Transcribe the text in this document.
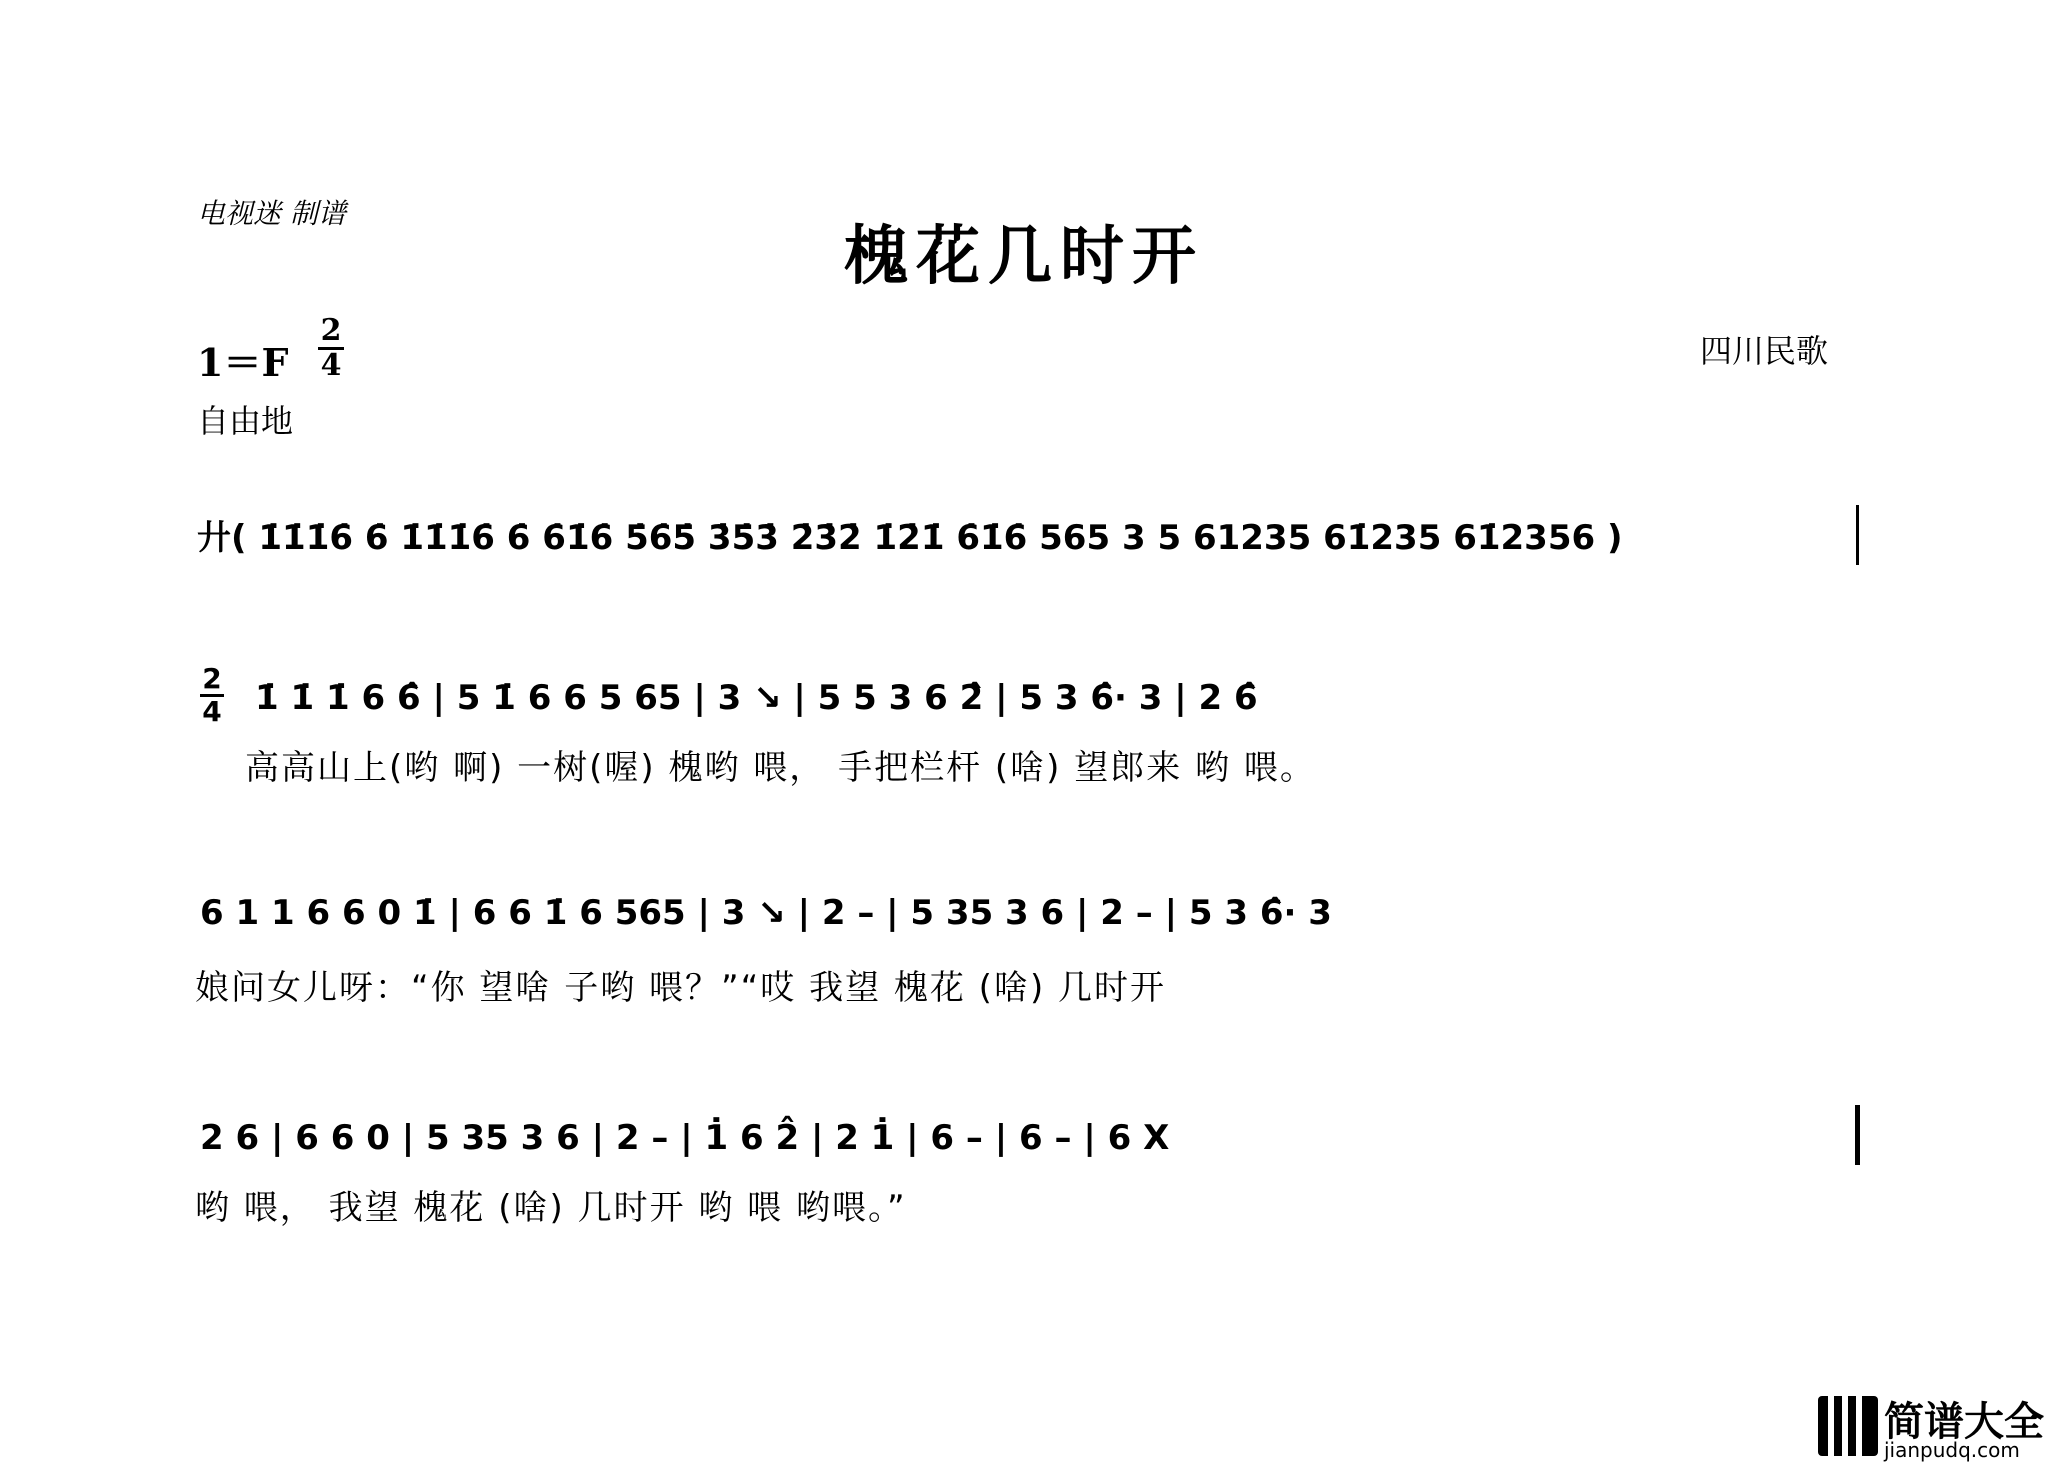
电视迷 制谱
槐花几时开
1＝F
2
4	四川民歌
自由地
廾( 1̇1̇1̇6̇ 6̇ 1̇1̇1̇6̇ 6̇ 6̇1̇6̇ 5̇6̇5̇ 3̇5̇3̇ 2̇3̇2̇ 1̇2̇1̇ 6̇1̇6̇ 565 3 5 61235 61̇235 61̇2356 )
2
4 1̇ 1̇ 1̇ 6 6̂ | 5 1̇ 6 6 5 65 | 3 ↘ | 5 5 3 6 2̂ | 5 3 6̂· 3 | 2 6̂
高高山上(哟 啊) 一树(喔) 槐哟 喂， 手把栏杆 (啥) 望郎来 哟 喂。
6 1 1 6 6 0 1̇ | 6 6 1̇ 6 565 | 3 ↘ | 2 – | 5 35 3 6 | 2 – | 5 3 6̂· 3
娘问女儿呀：“你 望啥 子哟 喂？”“哎 我望 槐花 (啥) 几时开
2 6 | 6 6 0 | 5 35 3 6 | 2 – | 1̇ 6 2̂ | 2 1̇ | 6 – | 6 – | 6 X
哟 喂， 我望 槐花 (啥) 几时开 哟 喂 哟喂。”
简谱大全
jianpudq.com
